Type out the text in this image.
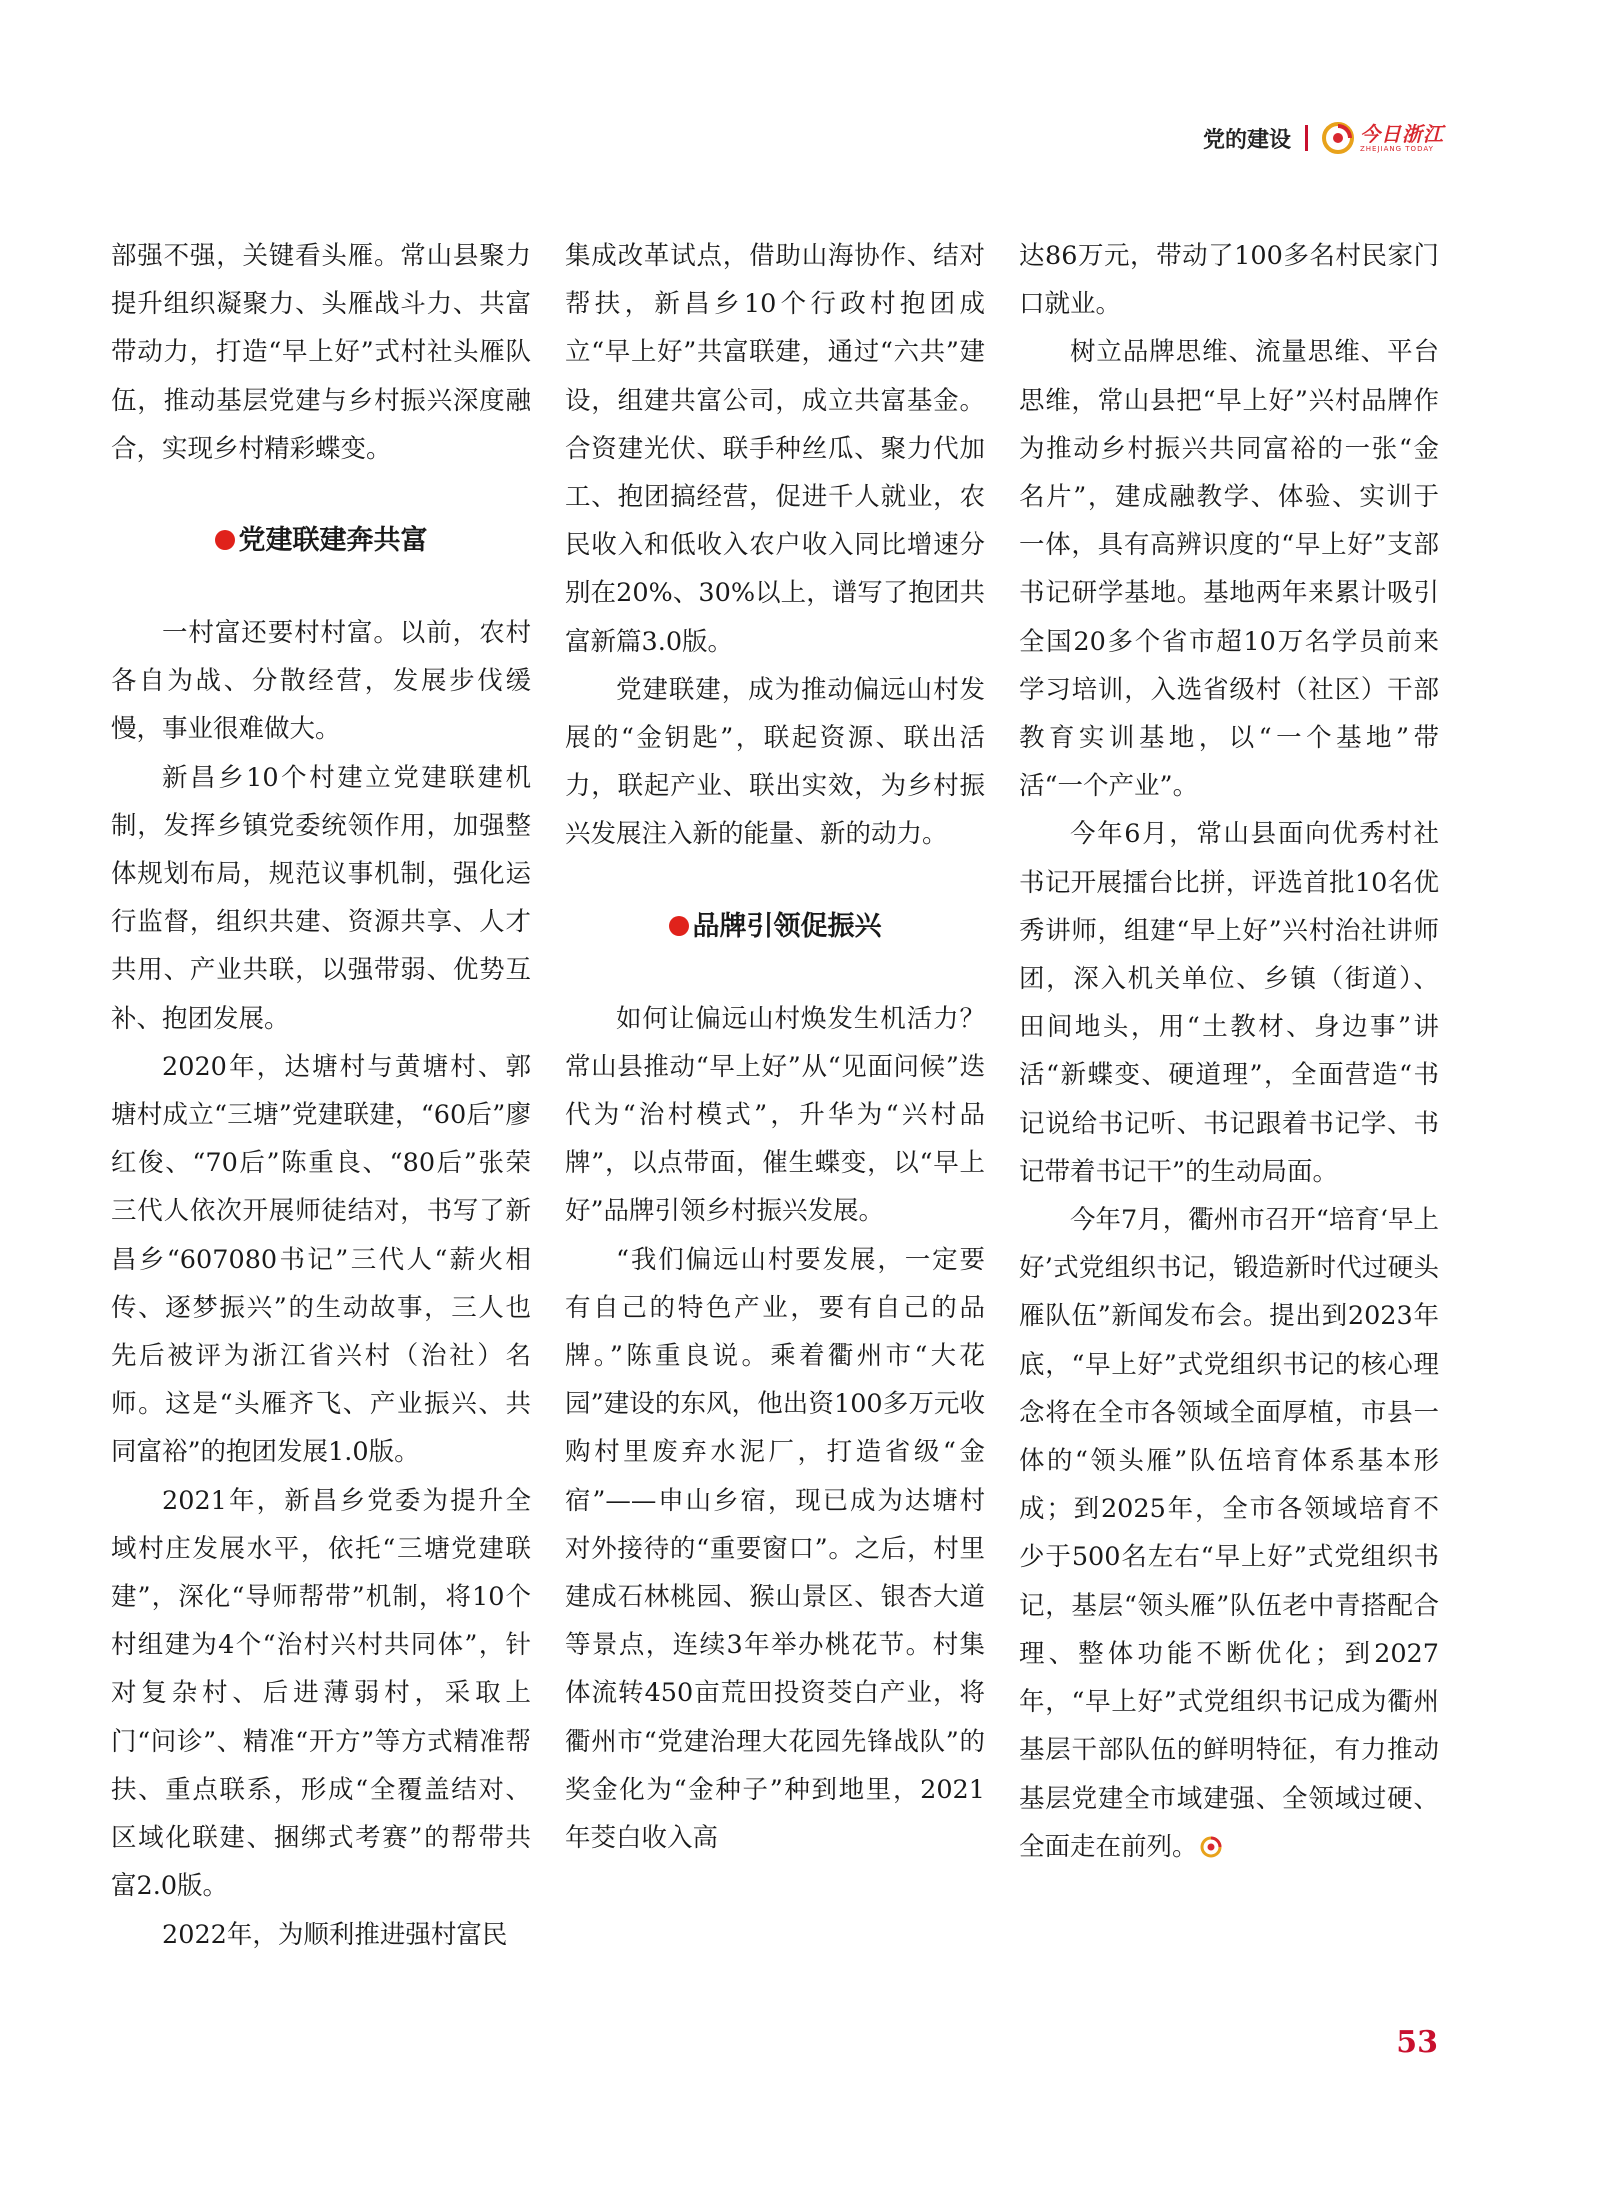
党的建设	今日浙江
ZHEJIANG TODAY

部强不强，关键看头雁。常山县聚力提升组织凝聚力、头雁战斗力、共富带动力，打造“早上好”式村社头雁队伍，推动基层党建与乡村振兴深度融合，实现乡村精彩蝶变。

党建联建奔共富

一村富还要村村富。以前，农村各自为战、分散经营，发展步伐缓慢，事业很难做大。

新昌乡10个村建立党建联建机制，发挥乡镇党委统领作用，加强整体规划布局，规范议事机制，强化运行监督，组织共建、资源共享、人才共用、产业共联，以强带弱、优势互补、抱团发展。

2020年，达塘村与黄塘村、郭塘村成立“三塘”党建联建，“60后”廖红俊、“70后”陈重良、“80后”张荣三代人依次开展师徒结对，书写了新昌乡“607080书记”三代人“薪火相传、逐梦振兴”的生动故事，三人也先后被评为浙江省兴村（治社）名师。这是“头雁齐飞、产业振兴、共同富裕”的抱团发展1.0版。

2021年，新昌乡党委为提升全域村庄发展水平，依托“三塘党建联建”，深化“导师帮带”机制，将10个村组建为4个“治村兴村共同体”，针对复杂村、后进薄弱村，采取上门“问诊”、精准“开方”等方式精准帮扶、重点联系，形成“全覆盖结对、区域化联建、捆绑式考赛”的帮带共富2.0版。

2022年，为顺利推进强村富民

集成改革试点，借助山海协作、结对帮扶，新昌乡10个行政村抱团成立“早上好”共富联建，通过“六共”建设，组建共富公司，成立共富基金。合资建光伏、联手种丝瓜、聚力代加工、抱团搞经营，促进千人就业，农民收入和低收入农户收入同比增速分别在20%、30%以上，谱写了抱团共富新篇3.0版。

党建联建，成为推动偏远山村发展的“金钥匙”，联起资源、联出活力，联起产业、联出实效，为乡村振兴发展注入新的能量、新的动力。

品牌引领促振兴

如何让偏远山村焕发生机活力？常山县推动“早上好”从“见面问候”迭代为“治村模式”，升华为“兴村品牌”，以点带面，催生蝶变，以“早上好”品牌引领乡村振兴发展。

“我们偏远山村要发展，一定要有自己的特色产业，要有自己的品牌。”陈重良说。乘着衢州市“大花园”建设的东风，他出资100多万元收购村里废弃水泥厂，打造省级“金宿”——申山乡宿，现已成为达塘村对外接待的“重要窗口”。之后，村里建成石林桃园、猴山景区、银杏大道等景点，连续3年举办桃花节。村集体流转450亩荒田投资茭白产业，将衢州市“党建治理大花园先锋战队”的奖金化为“金种子”种到地里，2021年茭白收入高

达86万元，带动了100多名村民家门口就业。

树立品牌思维、流量思维、平台思维，常山县把“早上好”兴村品牌作为推动乡村振兴共同富裕的一张“金名片”，建成融教学、体验、实训于一体，具有高辨识度的“早上好”支部书记研学基地。基地两年来累计吸引全国20多个省市超10万名学员前来学习培训，入选省级村（社区）干部教育实训基地，以“一个基地”带活“一个产业”。

今年6月，常山县面向优秀村社书记开展擂台比拼，评选首批10名优秀讲师，组建“早上好”兴村治社讲师团，深入机关单位、乡镇（街道）、田间地头，用“土教材、身边事”讲活“新蝶变、硬道理”，全面营造“书记说给书记听、书记跟着书记学、书记带着书记干”的生动局面。

今年7月，衢州市召开“培育‘早上好’式党组织书记，锻造新时代过硬头雁队伍”新闻发布会。提出到2023年底，“早上好”式党组织书记的核心理念将在全市各领域全面厚植，市县一体的“领头雁”队伍培育体系基本形成；到2025年，全市各领域培育不少于500名左右“早上好”式党组织书记，基层“领头雁”队伍老中青搭配合理、整体功能不断优化；到2027年，“早上好”式党组织书记成为衢州基层干部队伍的鲜明特征，有力推动基层党建全市域建强、全领域过硬、全面走在前列。

53
